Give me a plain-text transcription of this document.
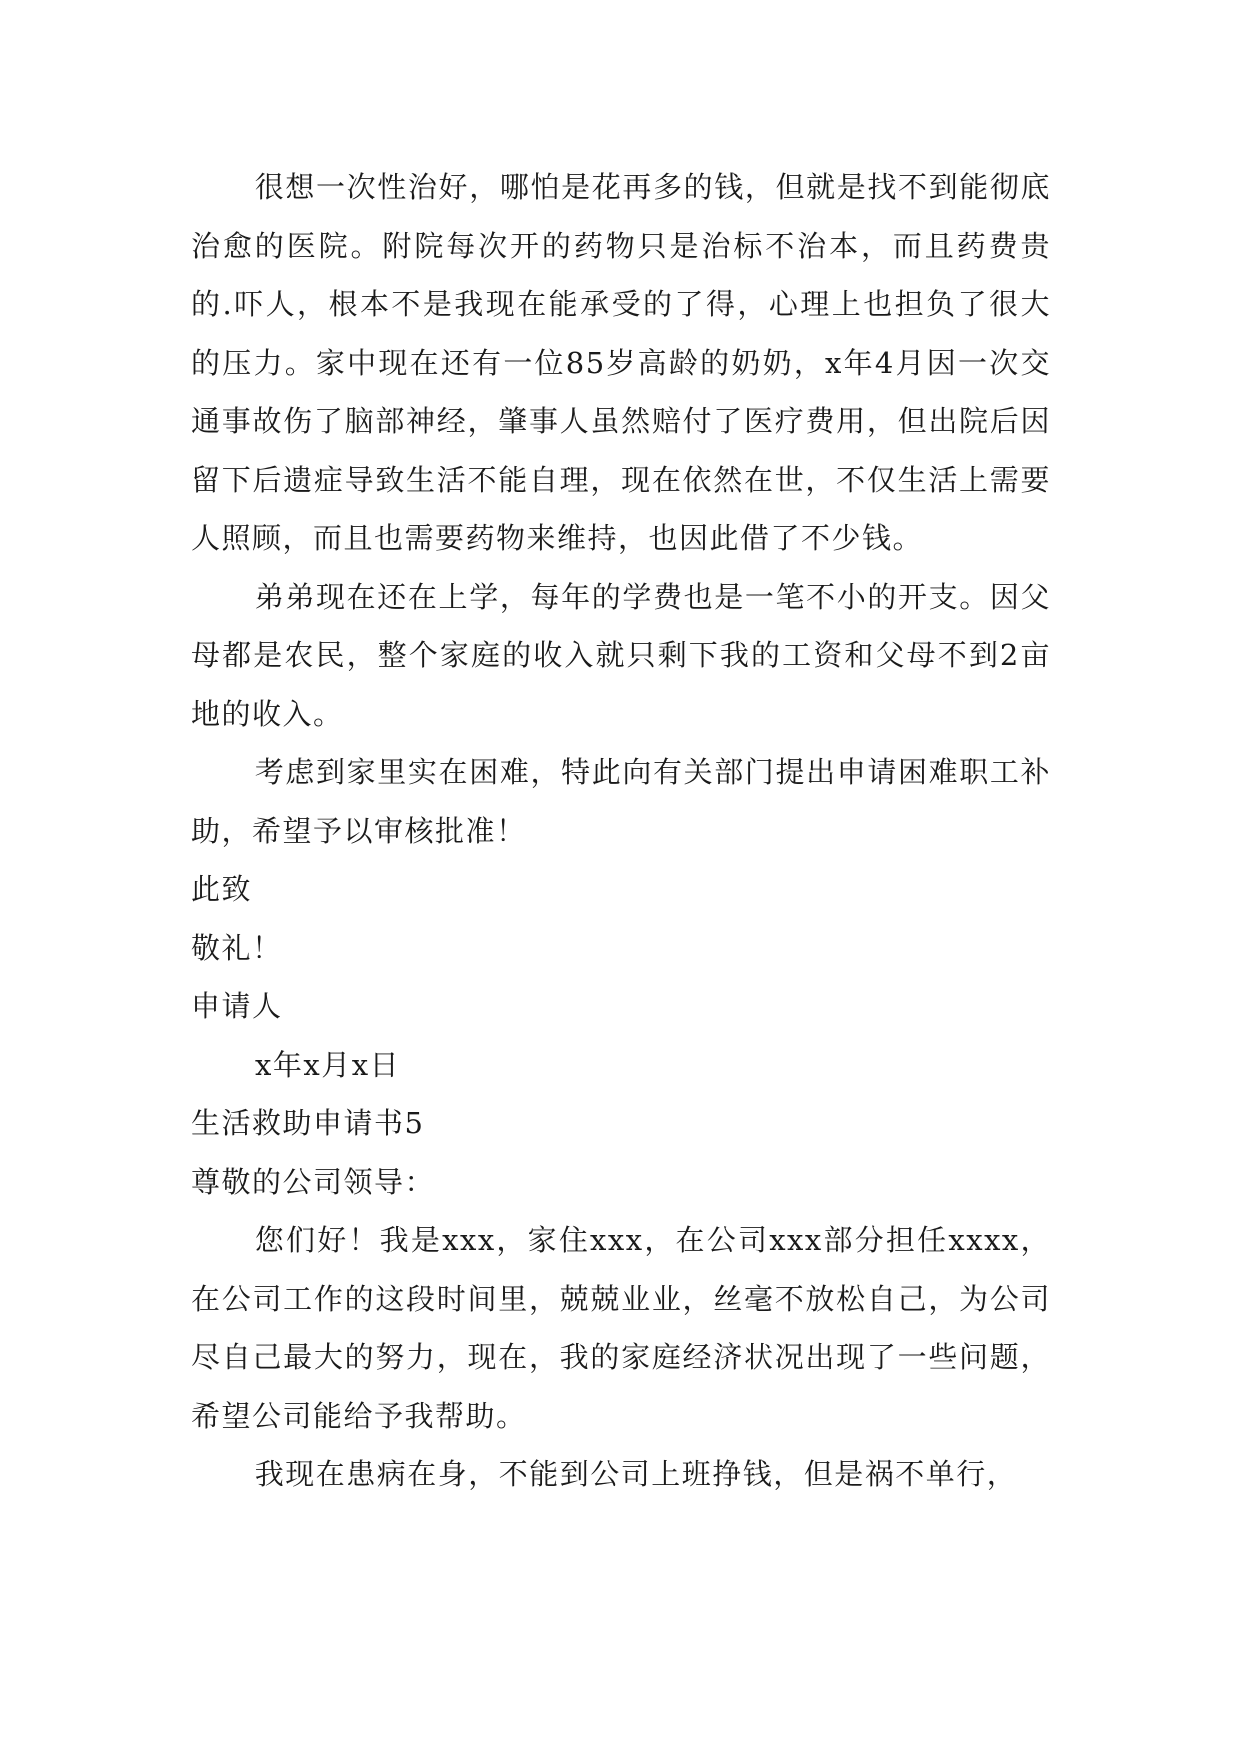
很想一次性治好，哪怕是花再多的钱，但就是找不到能彻底治愈的医院。附院每次开的药物只是治标不治本，而且药费贵的.吓人，根本不是我现在能承受的了得，心理上也担负了很大的压力。家中现在还有一位85岁高龄的奶奶，x年4月因一次交通事故伤了脑部神经，肇事人虽然赔付了医疗费用，但出院后因留下后遗症导致生活不能自理，现在依然在世，不仅生活上需要人照顾，而且也需要药物来维持，也因此借了不少钱。

弟弟现在还在上学，每年的学费也是一笔不小的开支。因父母都是农民，整个家庭的收入就只剩下我的工资和父母不到2亩地的收入。

考虑到家里实在困难，特此向有关部门提出申请困难职工补助，希望予以审核批准！

此致

敬礼！

申请人

x年x月x日

生活救助申请书5

尊敬的公司领导：

您们好！我是xxx，家住xxx，在公司xxx部分担任xxxx，在公司工作的这段时间里，兢兢业业，丝毫不放松自己，为公司尽自己最大的努力，现在，我的家庭经济状况出现了一些问题，希望公司能给予我帮助。

我现在患病在身，不能到公司上班挣钱，但是祸不单行，
